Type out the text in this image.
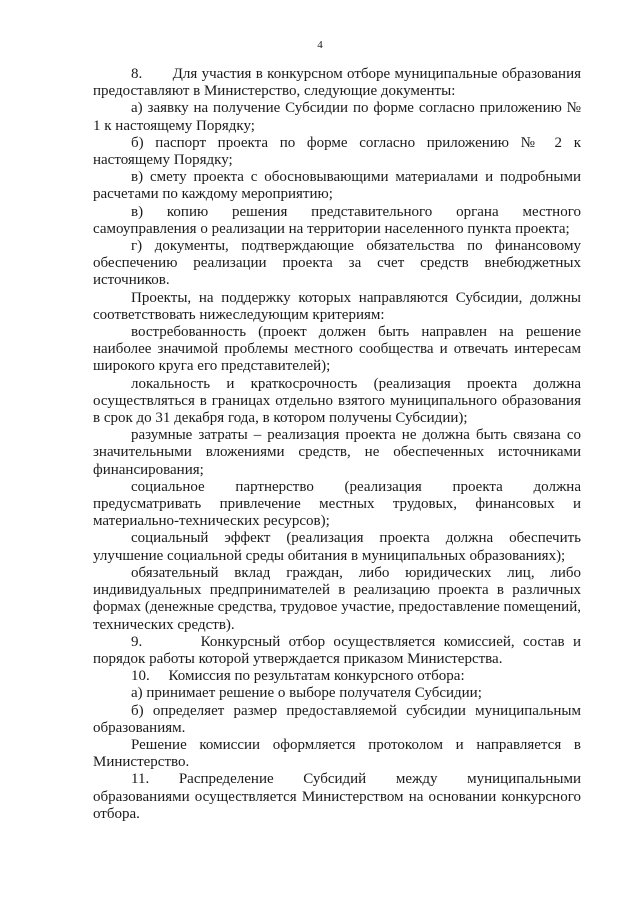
4

8.       Для участия в конкурсном отборе муниципальные образования предоставляют в Министерство, следующие документы:

а) заявку на получение Субсидии по форме согласно приложению № 1 к настоящему Порядку;

б) паспорт проекта по форме согласно приложению № 2 к настоящему Порядку;

в) смету проекта с обосновывающими материалами и подробными расчетами по каждому мероприятию;

в)     копию     решения     представительного     органа     местного самоуправления о реализации на территории населенного пункта проекта;

г) документы, подтверждающие обязательства по финансовому обеспечению реализации проекта за счет средств внебюджетных источников.

Проекты, на поддержку которых направляются Субсидии, должны соответствовать нижеследующим критериям:

востребованность (проект должен быть направлен на решение наиболее значимой проблемы местного сообщества и отвечать интересам широкого круга его представителей);

локальность и краткосрочность (реализация проекта должна осуществляться в границах отдельно взятого муниципального образования в срок до 31 декабря года, в котором получены Субсидии);

разумные затраты – реализация проекта не должна быть связана со значительными вложениями средств, не обеспеченных источниками финансирования;

социальное     партнерство     (реализация     проекта     должна предусматривать привлечение местных трудовых, финансовых и материально-технических ресурсов);

социальный эффект (реализация проекта должна обеспечить улучшение социальной среды обитания в муниципальных образованиях);

обязательный вклад граждан, либо юридических лиц, либо индивидуальных предпринимателей в реализацию проекта в различных формах (денежные средства, трудовое участие, предоставление помещений, технических средств).

9.       Конкурсный отбор осуществляется комиссией, состав и порядок работы которой утверждается приказом Министерства.

10.     Комиссия по результатам конкурсного отбора:

а) принимает решение о выборе получателя Субсидии;

б) определяет размер предоставляемой субсидии муниципальным образованиям.

Решение комиссии оформляется протоколом и направляется в Министерство.

11.     Распределение     Субсидий     между     муниципальными образованиями осуществляется Министерством на основании конкурсного отбора.
